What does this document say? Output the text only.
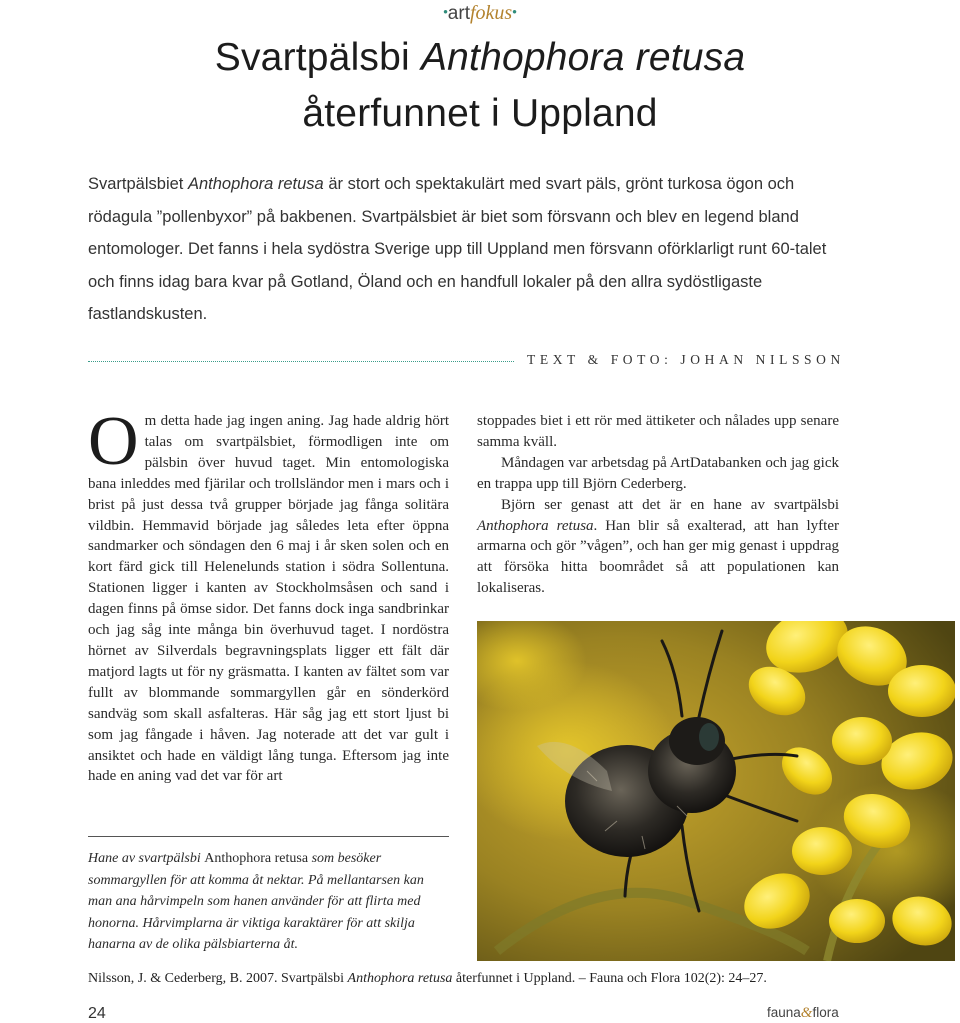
•artfokus•
Svartpälsbi Anthophora retusa
återfunnet i Uppland

Svartpälsbiet Anthophora retusa är stort och spektakulärt med svart päls, grönt turkosa ögon och rödagula ”pollenbyxor” på bakbenen. Svartpälsbiet är biet som försvann och blev en legend bland entomologer. Det fanns i hela sydöstra Sverige upp till Uppland men försvann oförklarligt runt 60-talet och finns idag bara kvar på Gotland, Öland och en handfull lokaler på den allra sydöstligaste fastlandskusten.

TEXT & FOTO: JOHAN NILSSON
Om detta hade jag ingen aning. Jag hade aldrig hört talas om svartpälsbiet, förmodligen inte om pälsbin över huvud taget. Min entomologiska bana inleddes med fjärilar och trollsländor men i mars och i brist på just dessa två grupper började jag fånga solitära vildbin. Hemmavid började jag således leta efter öppna sandmarker och söndagen den 6 maj i år sken solen och en kort färd gick till Helenelunds station i södra Sollentuna. Stationen ligger i kanten av Stockholmsåsen och sand i dagen finns på ömse sidor. Det fanns dock inga sandbrinkar och jag såg inte många bin överhuvud taget. I nordöstra hörnet av Silverdals begravningsplats ligger ett fält där matjord lagts ut för ny gräsmatta. I kanten av fältet som var fullt av blommande sommargyllen går en sönderkörd sandväg som skall asfalteras. Här såg jag ett stort ljust bi som jag fångade i håven. Jag noterade att det var gult i ansiktet och hade en väldigt lång tunga. Eftersom jag inte hade en aning vad det var för art

stoppades biet i ett rör med ättiketer och nålades upp senare samma kväll.

Måndagen var arbetsdag på ArtDatabanken och jag gick en trappa upp till Björn Cederberg.

Björn ser genast att det är en hane av svartpälsbi Anthophora retusa. Han blir så exalterad, att han lyfter armarna och gör ”vågen”, och han ger mig genast i uppdrag att försöka hitta boområdet så att populationen kan lokaliseras.

Hane av svartpälsbi Anthophora retusa som besöker sommargyllen för att komma åt nektar. På mellantarsen kan man ana hårvimpeln som hanen använder för att flirta med honorna. Hårvimplarna är viktiga karaktärer för att skilja hanarna av de olika pälsbiarterna åt.

Nilsson, J. & Cederberg, B. 2007. Svartpälsbi Anthophora retusa återfunnet i Uppland. – Fauna och Flora 102(2): 24–27.
24	fauna&flora
